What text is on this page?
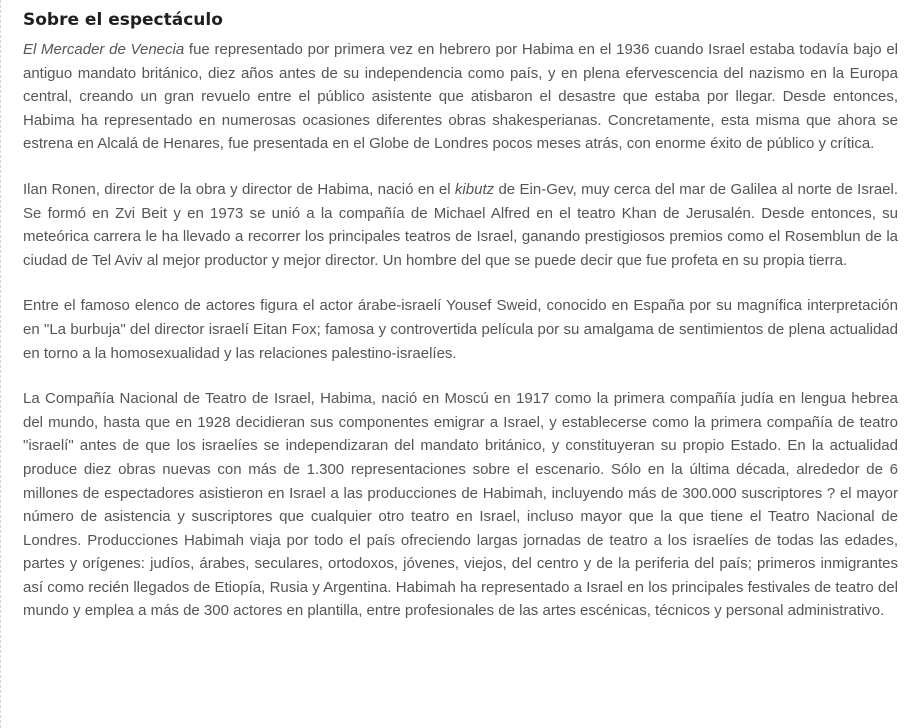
Sobre el espectáculo

El Mercader de Venecia fue representado por primera vez en hebrero por Habima en el 1936 cuando Israel estaba todavía bajo el antiguo mandato británico, diez años antes de su independencia como país, y en plena efervescencia del nazismo en la Europa central, creando un gran revuelo entre el público asistente que atisbaron el desastre que estaba por llegar. Desde entonces, Habima ha representado en numerosas ocasiones diferentes obras shakesperianas. Concretamente, esta misma que ahora se estrena en Alcalá de Henares, fue presentada en el Globe de Londres pocos meses atrás, con enorme éxito de público y crítica.

Ilan Ronen, director de la obra y director de Habima, nació en el kibutz de Ein-Gev, muy cerca del mar de Galilea al norte de Israel. Se formó en Zvi Beit y en 1973 se unió a la compañía de Michael Alfred en el teatro Khan de Jerusalén. Desde entonces, su meteórica carrera le ha llevado a recorrer los principales teatros de Israel, ganando prestigiosos premios como el Rosemblun de la ciudad de Tel Aviv al mejor productor y mejor director. Un hombre del que se puede decir que fue profeta en su propia tierra.

Entre el famoso elenco de actores figura el actor árabe-israelí Yousef Sweid, conocido en España por su magnífica interpretación en "La burbuja" del director israelí Eitan Fox; famosa y controvertida película por su amalgama de sentimientos de plena actualidad en torno a la homosexualidad y las relaciones palestino-israelíes.

La Compañía Nacional de Teatro de Israel, Habima, nació en Moscú en 1917 como la primera compañía judía en lengua hebrea del mundo, hasta que en 1928 decidieran sus componentes emigrar a Israel, y establecerse como la primera compañía de teatro "israelí" antes de que los israelíes se independizaran del mandato británico, y constituyeran su propio Estado. En la actualidad produce diez obras nuevas con más de 1.300 representaciones sobre el escenario. Sólo en la última década, alrededor de 6 millones de espectadores asistieron en Israel a las producciones de Habimah, incluyendo más de 300.000 suscriptores ? el mayor número de asistencia y suscriptores que cualquier otro teatro en Israel, incluso mayor que la que tiene el Teatro Nacional de Londres. Producciones Habimah viaja por todo el país ofreciendo largas jornadas de teatro a los israelíes de todas las edades, partes y orígenes: judíos, árabes, seculares, ortodoxos, jóvenes, viejos, del centro y de la periferia del país; primeros inmigrantes así como recién llegados de Etiopía, Rusia y Argentina. Habimah ha representado a Israel en los principales festivales de teatro del mundo y emplea a más de 300 actores en plantilla, entre profesionales de las artes escénicas, técnicos y personal administrativo.
